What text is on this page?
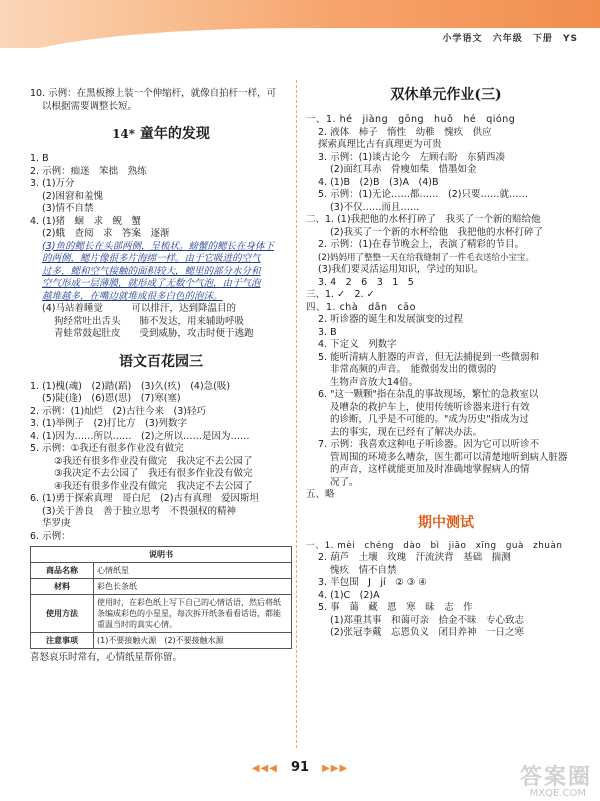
小学语文 六年级 下册 YS

10. 示例：在黑板擦上装一个伸缩杆，就像自拍杆一样，可

以根据需要调整长短。

14* 童年的发现

1. B

2. 示例：痴迷　笨拙　熟练

3. (1)万分

(2)困窘和羞愧

(3)情不自禁

4. (1)猪　蛔　求　鲵　蟹

(2)蛾　查阅　求　答案　逐渐

(3)鱼的鳃长在头部两侧，呈梳状。螃蟹的鳃长在身体下

的两侧，鳃片像很多片海绵一样。由于它吸进的空气

过多，鳃和空气接触的面积较大，鳃里的部分水分和

空气形成一层薄膜，就形成了无数个气泡，由于气泡

越堆越多，在嘴边就堆成很多白色的泡沫。

(4)马站着睡觉　　　可以排汗，达到降温目的

狗经常吐出舌头　　肺不发达，用来辅助呼吸

青蛙常鼓起肚皮　　受到威胁，攻击时便于逃跑

语文百花园三

1. (1)槐(魂)　(2)踏(蹈)　(3)久(疚)　(4)急(吸)

(5)陡(逢)　(6)恩(思)　(7)寒(塞)

2. 示例：(1)灿烂　(2)古往今来　(3)轻巧

3. (1)举例子　(2)打比方　(3)列数字

4. (1)因为……所以……　(2)之所以……是因为……

5. 示例：①我还有很多作业没有做完

②我还有很多作业没有做完　我决定不去公园了

③我决定不去公园了　我还有很多作业没有做完

④我还有很多作业没有做完　我决定不去公园了

6. (1)勇于探索真理　哥白尼　(2)古有真理　爱因斯坦

(3)关于善良　善于独立思考　不畏强权的精神

华罗庚

6. 示例：

说明书	
商品名称	心情纸星
材料	彩色长条纸
使用方法	使用时，在彩色纸上写下自己的心情话语，然后将纸条编成彩色的小星星，每次拆开纸条看看话语，都能重温当时的真实心情。
注意事项	(1)不要接触火源　(2)不要接触水源

喜怒哀乐时常有，心情纸星帮你留。

双休单元作业(三)

一、1. hé　jiàng　gōng　huǒ　hé　qióng

2. 液体　柿子　惰性　幼稚　愧疚　供应

探索真理比古有真理更为可贵

3. 示例：(1)谈古论今　左顾右盼　东猜西凑

(2)面红耳赤　骨瘦如柴　惜墨如金

4. (1)B　(2)B　(3)A　(4)B

5. 示例：(1)无论……都……　(2)只要……就……

(3)不仅……而且……

二、1. (1)我把他的水杯打碎了　我买了一个新的赔给他

(2)我买了一个新的水杯给他　我把他的水杯打碎了

2. 示例：(1)在春节晚会上，表演了精彩的节目。

(2)妈妈用了整整一天在给我缝制了一件毛衣送给小宝宝。

(3)我们要灵活运用知识，学过的知识。

3. 4　2　6　3　1　5

三、1. ✓　2. ✓

四、1. chà　dǎn　cāo

2. 听诊器的诞生和发展演变的过程

3. B

4. 下定义　列数字

5. 能听清病人脏器的声音，但无法捕捉到一些微弱和

非常高频的声音。　能微弱发出的微弱的

生物声音放大14倍。

6. "这一颗颗"指在杂乱的事故现场，繁忙的急救室以

及嘈杂的救护车上，使用传统听诊器来进行有效

的诊断，几乎是不可能的。"成为历史"指成为过

去的事实，现在已经有了解决办法。

7. 示例：我喜欢这种电子听诊器。因为它可以听诊不

管周围的环境多么嘈杂，医生都可以清楚地听到病人脏器

的声音，这样就能更加及时准确地掌握病人的情

况了。

五、略

期中测试

一、1. mèi　chéng　dào　bì　jiāo　xīng　guà　zhuàn

2. 葫芦　土壤　玫瑰　汗流浃背　基础　揣测

愧疚　情不自禁

3. 半包围　J　jí　② ③ ④

4. (1)C　(2)A

5. 事　蔼　藏　恩　寒　昧　志　作

(1)郑重其事　和蔼可亲　拾金不昧　专心致志

(2)张冠李戴　忘恩负义　闭目养神　一日之寒

◀◀◀ 91 ▶▶▶	答案圈
MXQE.COM
